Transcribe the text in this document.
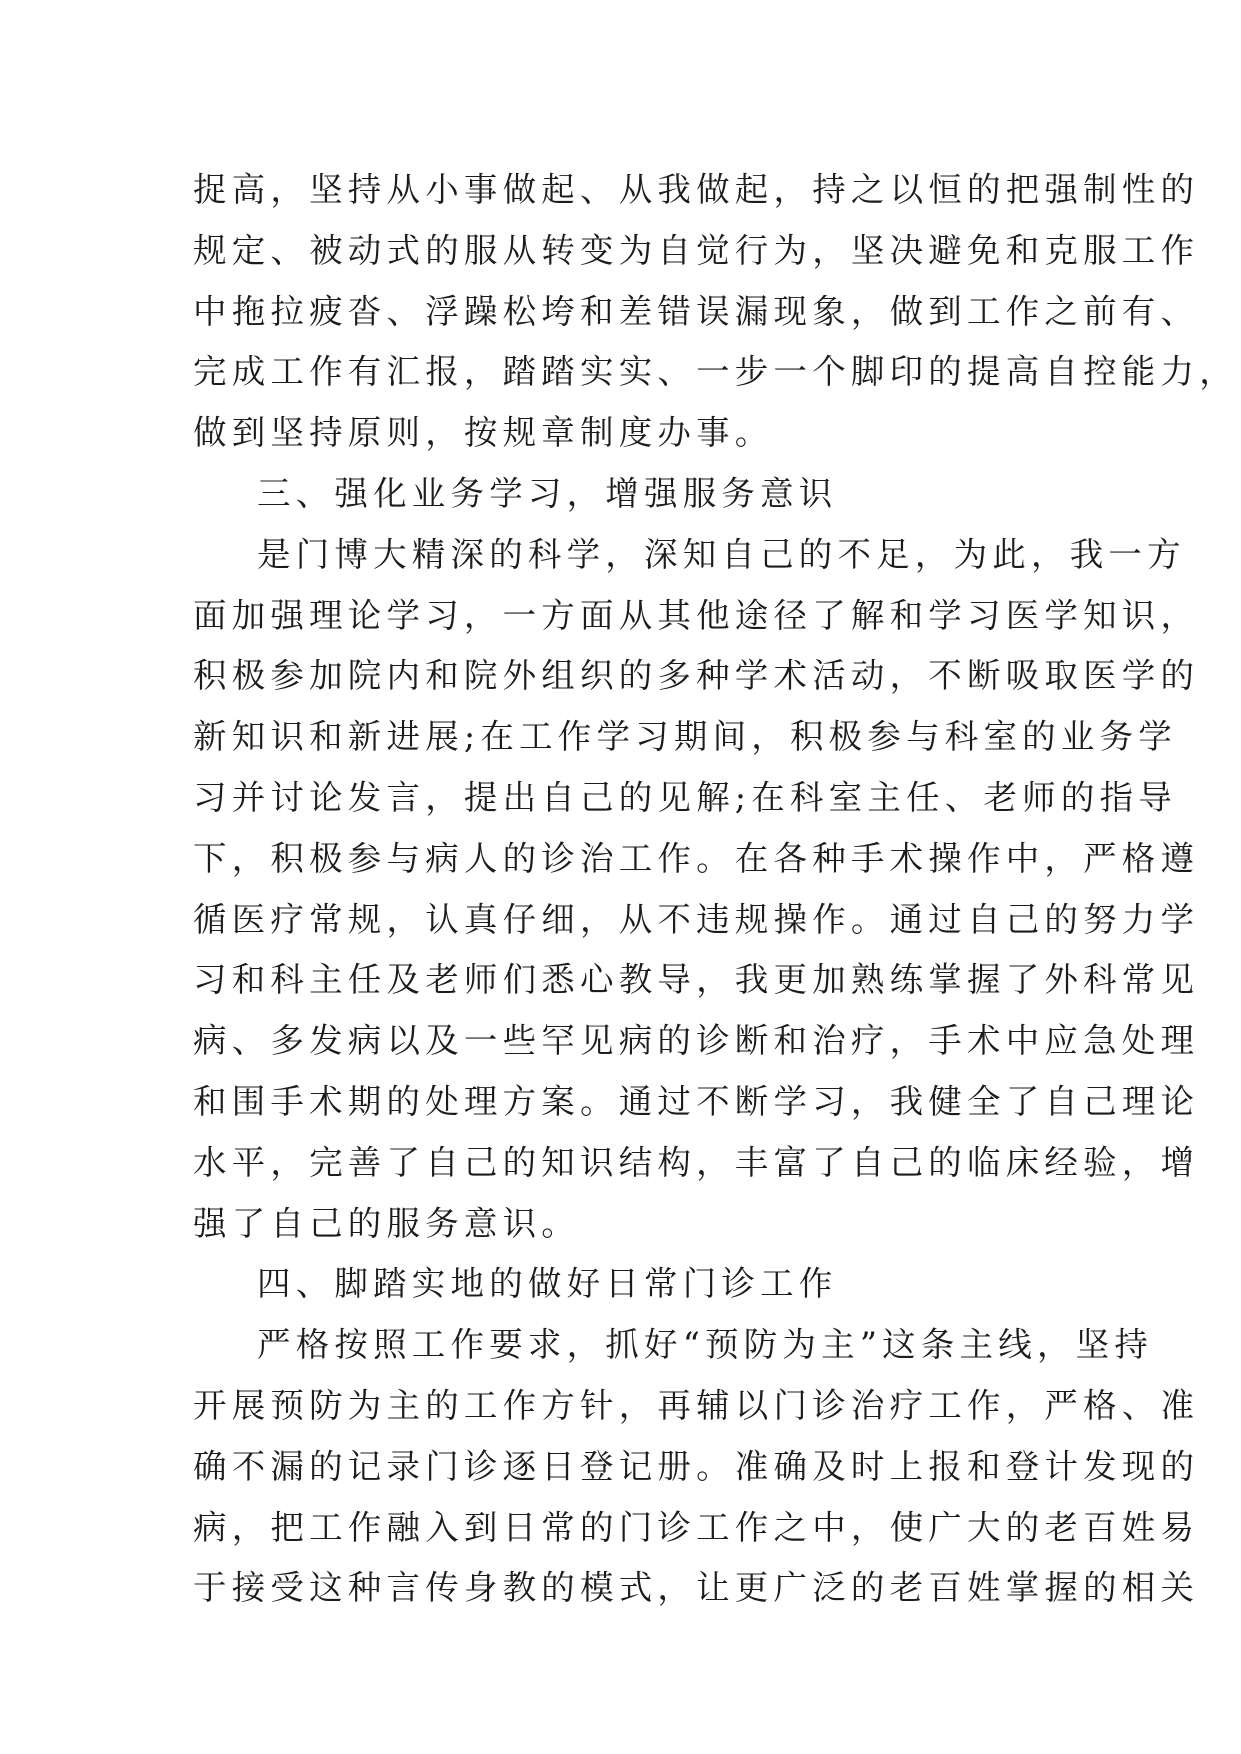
捉高，坚持从小事做起、从我做起，持之以恒的把强制性的
规定、被动式的服从转变为自觉行为，坚决避免和克服工作
中拖拉疲沓、浮躁松垮和差错误漏现象，做到工作之前有、
完成工作有汇报，踏踏实实、一步一个脚印的提高自控能力，
做到坚持原则，按规章制度办事。
三、强化业务学习，增强服务意识
是门博大精深的科学，深知自己的不足，为此，我一方
面加强理论学习，一方面从其他途径了解和学习医学知识，
积极参加院内和院外组织的多种学术活动，不断吸取医学的
新知识和新进展;在工作学习期间，积极参与科室的业务学
习并讨论发言，提出自己的见解;在科室主任、老师的指导
下，积极参与病人的诊治工作。在各种手术操作中，严格遵
循医疗常规，认真仔细，从不违规操作。通过自己的努力学
习和科主任及老师们悉心教导，我更加熟练掌握了外科常见
病、多发病以及一些罕见病的诊断和治疗，手术中应急处理
和围手术期的处理方案。通过不断学习，我健全了自己理论
水平，完善了自己的知识结构，丰富了自己的临床经验，增
强了自己的服务意识。
四、脚踏实地的做好日常门诊工作
严格按照工作要求，抓好“预防为主”这条主线，坚持
开展预防为主的工作方针，再辅以门诊治疗工作，严格、准
确不漏的记录门诊逐日登记册。准确及时上报和登计发现的
病，把工作融入到日常的门诊工作之中，使广大的老百姓易
于接受这种言传身教的模式，让更广泛的老百姓掌握的相关
